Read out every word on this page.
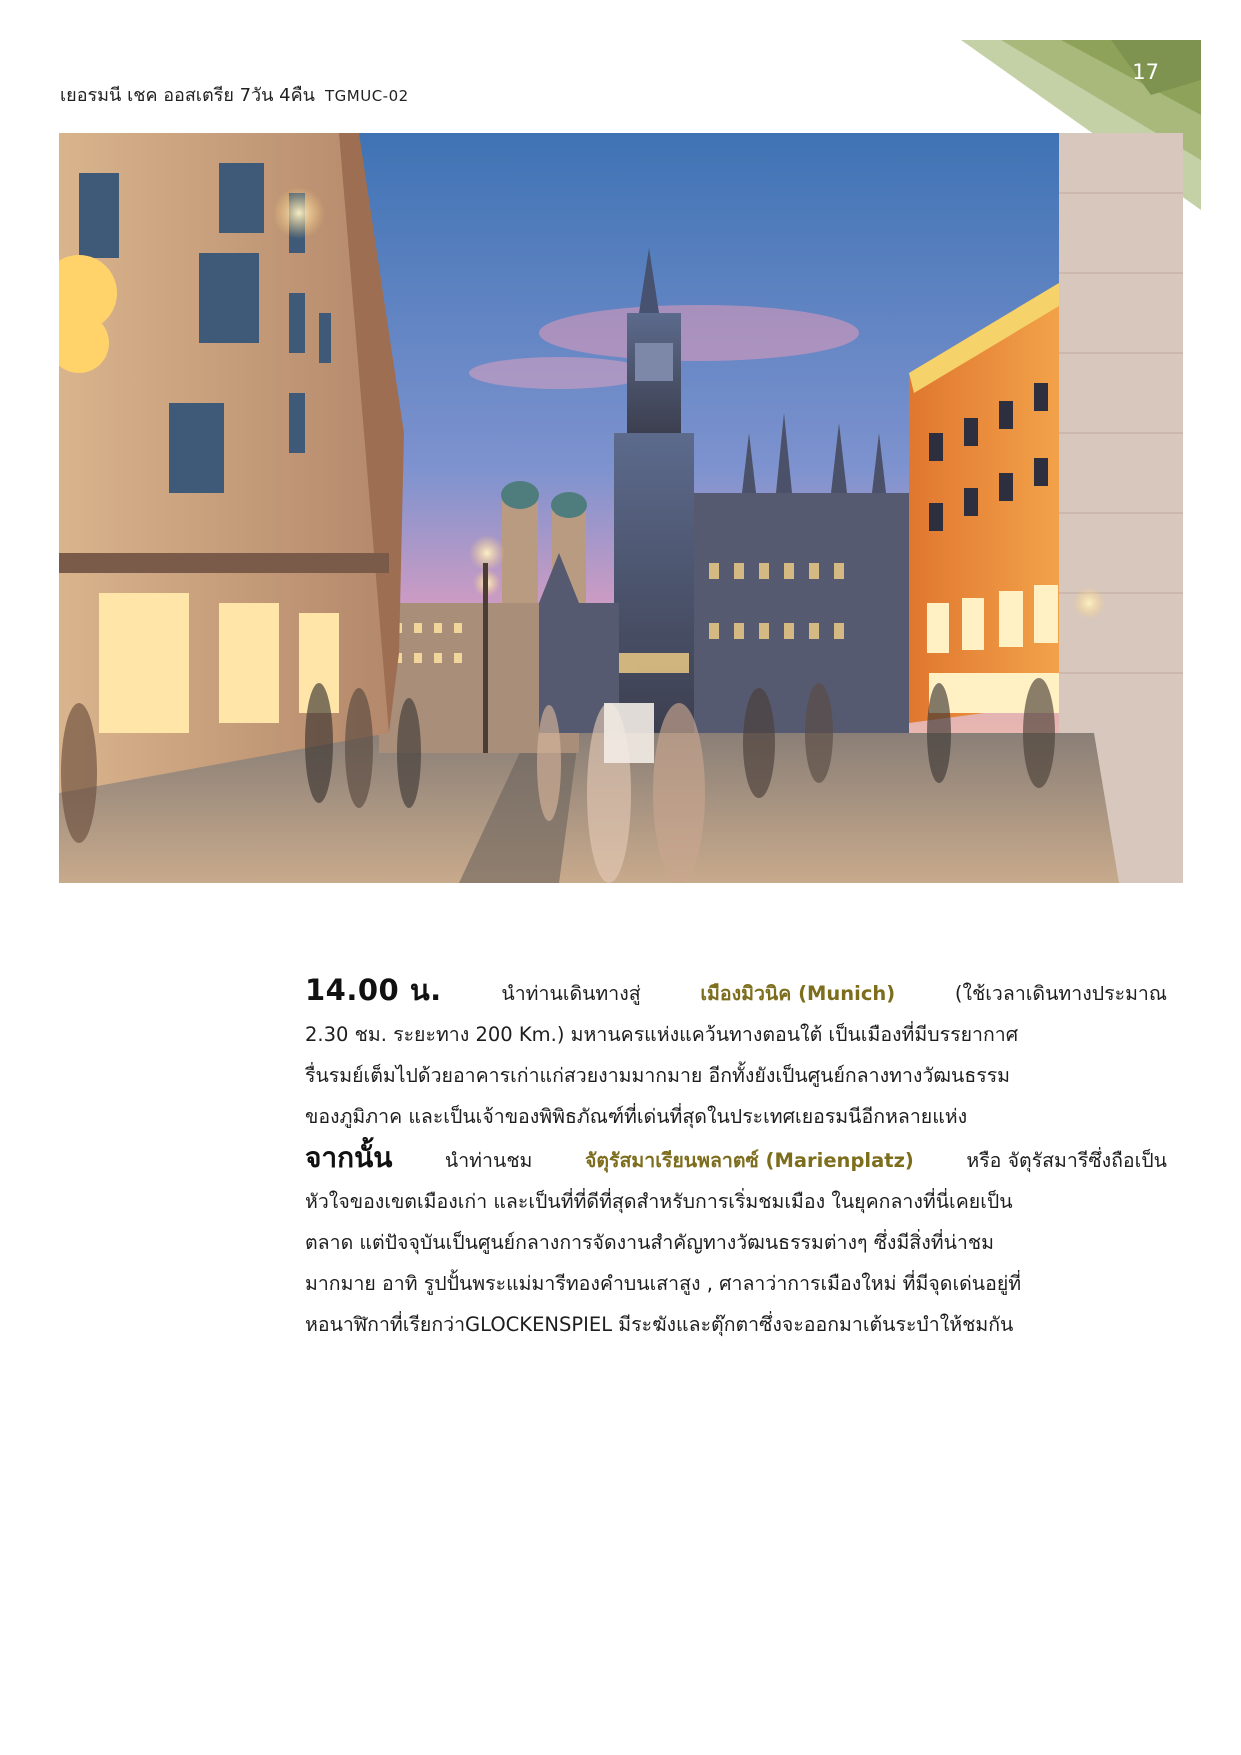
17
เยอรมนี เชค ออสเตรีย 7วัน 4คืน TGMUC-02
14.00 น.	นำท่านเดินทางสู่	เมืองมิวนิค (Munich)	(ใช้เวลาเดินทางประมาณ
2.30 ชม. ระยะทาง 200 Km.) มหานครแห่งแคว้นทางตอนใต้ เป็นเมืองที่มีบรรยากาศ
รื่นรมย์เต็มไปด้วยอาคารเก่าแก่สวยงามมากมาย อีกทั้งยังเป็นศูนย์กลางทางวัฒนธรรม
ของภูมิภาค และเป็นเจ้าของพิพิธภัณฑ์ที่เด่นที่สุดในประเทศเยอรมนีอีกหลายแห่ง
จากนั้น	นำท่านชม	จัตุรัสมาเรียนพลาตซ์ (Marienplatz)	หรือ จัตุรัสมารีซึ่งถือเป็น
หัวใจของเขตเมืองเก่า และเป็นที่ที่ดีที่สุดสำหรับการเริ่มชมเมือง ในยุคกลางที่นี่เคยเป็น
ตลาด แต่ปัจจุบันเป็นศูนย์กลางการจัดงานสำคัญทางวัฒนธรรมต่างๆ ซึ่งมีสิ่งที่น่าชม
มากมาย อาทิ รูปปั้นพระแม่มารีทองคำบนเสาสูง , ศาลาว่าการเมืองใหม่ ที่มีจุดเด่นอยู่ที่
หอนาฬิกาที่เรียกว่าGLOCKENSPIEL มีระฆังและตุ๊กตาซึ่งจะออกมาเต้นระบำให้ชมกัน
